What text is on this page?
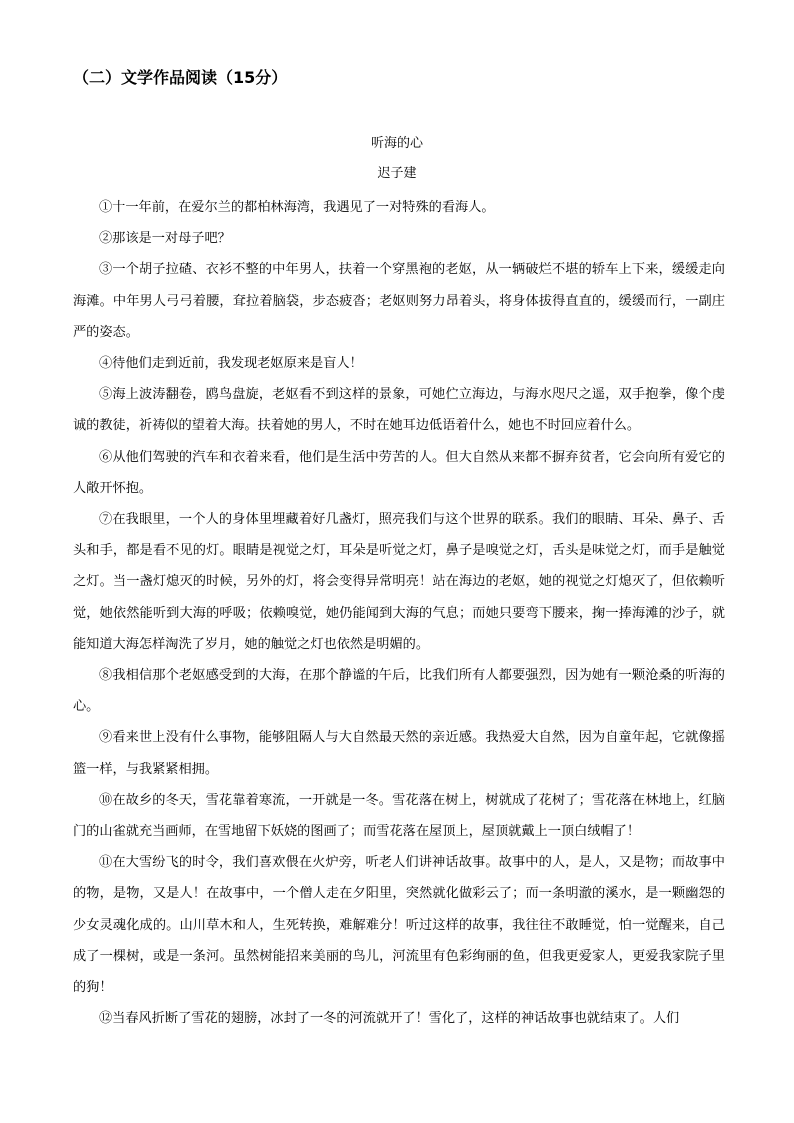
（二）文学作品阅读（15分）
听海的心
迟子建

①十一年前，在爱尔兰的都柏林海湾，我遇见了一对特殊的看海人。

②那该是一对母子吧？

③一个胡子拉碴、衣衫不整的中年男人，扶着一个穿黑袍的老妪，从一辆破烂不堪的轿车上下来，缓缓走向海滩。中年男人弓弓着腰，耷拉着脑袋，步态疲沓；老妪则努力昂着头，将身体拔得直直的，缓缓而行，一副庄严的姿态。

④待他们走到近前，我发现老妪原来是盲人！

⑤海上波涛翻卷，鸥鸟盘旋，老妪看不到这样的景象，可她伫立海边，与海水咫尺之遥，双手抱拳，像个虔诚的教徒，祈祷似的望着大海。扶着她的男人，不时在她耳边低语着什么，她也不时回应着什么。

⑥从他们驾驶的汽车和衣着来看，他们是生活中劳苦的人。但大自然从来都不摒弃贫者，它会向所有爱它的人敞开怀抱。

⑦在我眼里，一个人的身体里埋藏着好几盏灯，照亮我们与这个世界的联系。我们的眼睛、耳朵、鼻子、舌头和手，都是看不见的灯。眼睛是视觉之灯，耳朵是听觉之灯，鼻子是嗅觉之灯，舌头是味觉之灯，而手是触觉之灯。当一盏灯熄灭的时候，另外的灯，将会变得异常明亮！站在海边的老妪，她的视觉之灯熄灭了，但依赖听觉，她依然能听到大海的呼吸；依赖嗅觉，她仍能闻到大海的气息；而她只要弯下腰来，掬一捧海滩的沙子，就能知道大海怎样淘洗了岁月，她的触觉之灯也依然是明媚的。

⑧我相信那个老妪感受到的大海，在那个静谧的午后，比我们所有人都要强烈，因为她有一颗沧桑的听海的心。

⑨看来世上没有什么事物，能够阻隔人与大自然最天然的亲近感。我热爱大自然，因为自童年起，它就像摇篮一样，与我紧紧相拥。

⑩在故乡的冬天，雪花靠着寒流，一开就是一冬。雪花落在树上，树就成了花树了；雪花落在林地上，红脑门的山雀就充当画师，在雪地留下妖娆的图画了；而雪花落在屋顶上，屋顶就戴上一顶白绒帽了！

⑪在大雪纷飞的时令，我们喜欢偎在火炉旁，听老人们讲神话故事。故事中的人，是人，又是物；而故事中的物，是物，又是人！在故事中，一个僧人走在夕阳里，突然就化做彩云了；而一条明澈的溪水，是一颗幽怨的少女灵魂化成的。山川草木和人，生死转换，难解难分！听过这样的故事，我往往不敢睡觉，怕一觉醒来，自己成了一棵树，或是一条河。虽然树能招来美丽的鸟儿，河流里有色彩绚丽的鱼，但我更爱家人，更爱我家院子里的狗！

⑫当春风折断了雪花的翅膀，冰封了一冬的河流就开了！雪化了，这样的神话故事也就结束了。人们
